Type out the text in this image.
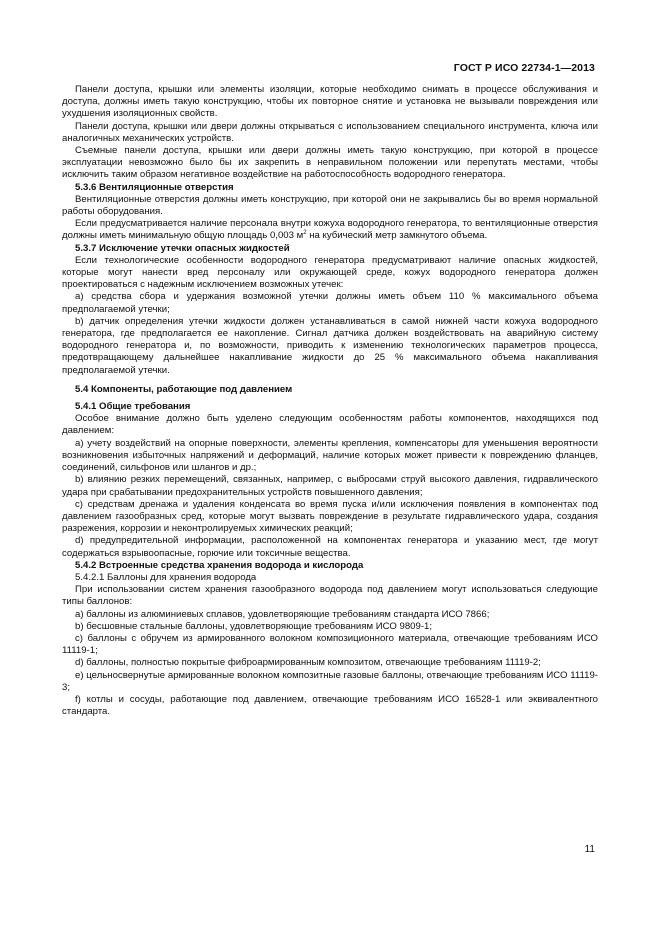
ГОСТ Р ИСО 22734-1—2013

Панели доступа, крышки или элементы изоляции, которые необходимо снимать в процессе обслуживания и доступа, должны иметь такую конструкцию, чтобы их повторное снятие и установка не вызывали повреждения или ухудшения изоляционных свойств.

Панели доступа, крышки или двери должны открываться с использованием специального инструмента, ключа или аналогичных механических устройств.

Съемные панели доступа, крышки или двери должны иметь такую конструкцию, при которой в процессе эксплуатации невозможно было бы их закрепить в неправильном положении или перепутать местами, чтобы исключить таким образом негативное воздействие на работоспособность водородного генератора.

5.3.6 Вентиляционные отверстия

Вентиляционные отверстия должны иметь конструкцию, при которой они не закрывались бы во время нормальной работы оборудования.

Если предусматривается наличие персонала внутри кожуха водородного генератора, то вентиляционные отверстия должны иметь минимальную общую площадь 0,003 $м^2$ на кубический метр замкнутого объема.

5.3.7 Исключение утечки опасных жидкостей

Если технологические особенности водородного генератора предусматривают наличие опасных жидкостей, которые могут нанести вред персоналу или окружающей среде, кожух водородного генератора должен проектироваться с надежным исключением возможных утечек:

а) средства сбора и удержания возможной утечки должны иметь объем 110 % максимального объема предполагаемой утечки;

b) датчик определения утечки жидкости должен устанавливаться в самой нижней части кожуха водородного генератора, где предполагается ее накопление. Сигнал датчика должен воздействовать на аварийную систему водородного генератора и, по возможности, приводить к изменению технологических параметров процесса, предотвращающему дальнейшее накапливание жидкости до 25 % максимального объема накапливания предполагаемой утечки.

5.4 Компоненты, работающие под давлением

5.4.1 Общие требования

Особое внимание должно быть уделено следующим особенностям работы компонентов, находящихся под давлением:

а) учету воздействий на опорные поверхности, элементы крепления, компенсаторы для уменьшения вероятности возникновения избыточных напряжений и деформаций, наличие которых может привести к повреждению фланцев, соединений, сильфонов или шлангов и др.;

b) влиянию резких перемещений, связанных, например, с выбросами струй высокого давления, гидравлического удара при срабатывании предохранительных устройств повышенного давления;

с) средствам дренажа и удаления конденсата во время пуска и/или исключения появления в компонентах под давлением газообразных сред, которые могут вызвать повреждение в результате гидравлического удара, создания разрежения, коррозии и неконтролируемых химических реакций;

d) предупредительной информации, расположенной на компонентах генератора и указанию мест, где могут содержаться взрывоопасные, горючие или токсичные вещества.

5.4.2 Встроенные средства хранения водорода и кислорода

5.4.2.1 Баллоны для хранения водорода

При использовании систем хранения газообразного водорода под давлением могут использоваться следующие типы баллонов:

а) баллоны из алюминиевых сплавов, удовлетворяющие требованиям стандарта ИСО 7866;

b) бесшовные стальные баллоны, удовлетворяющие требованиям ИСО 9809-1;

с) баллоны с обручем из армированного волокном композиционного материала, отвечающие требованиям ИСО 11119-1;

d) баллоны, полностью покрытые фиброармированным композитом, отвечающие требованиям 11119-2;

е) цельносвернутые армированные волокном композитные газовые баллоны, отвечающие требованиям ИСО 11119-3;

f) котлы и сосуды, работающие под давлением, отвечающие требованиям ИСО 16528-1 или эквивалентного стандарта.

11
